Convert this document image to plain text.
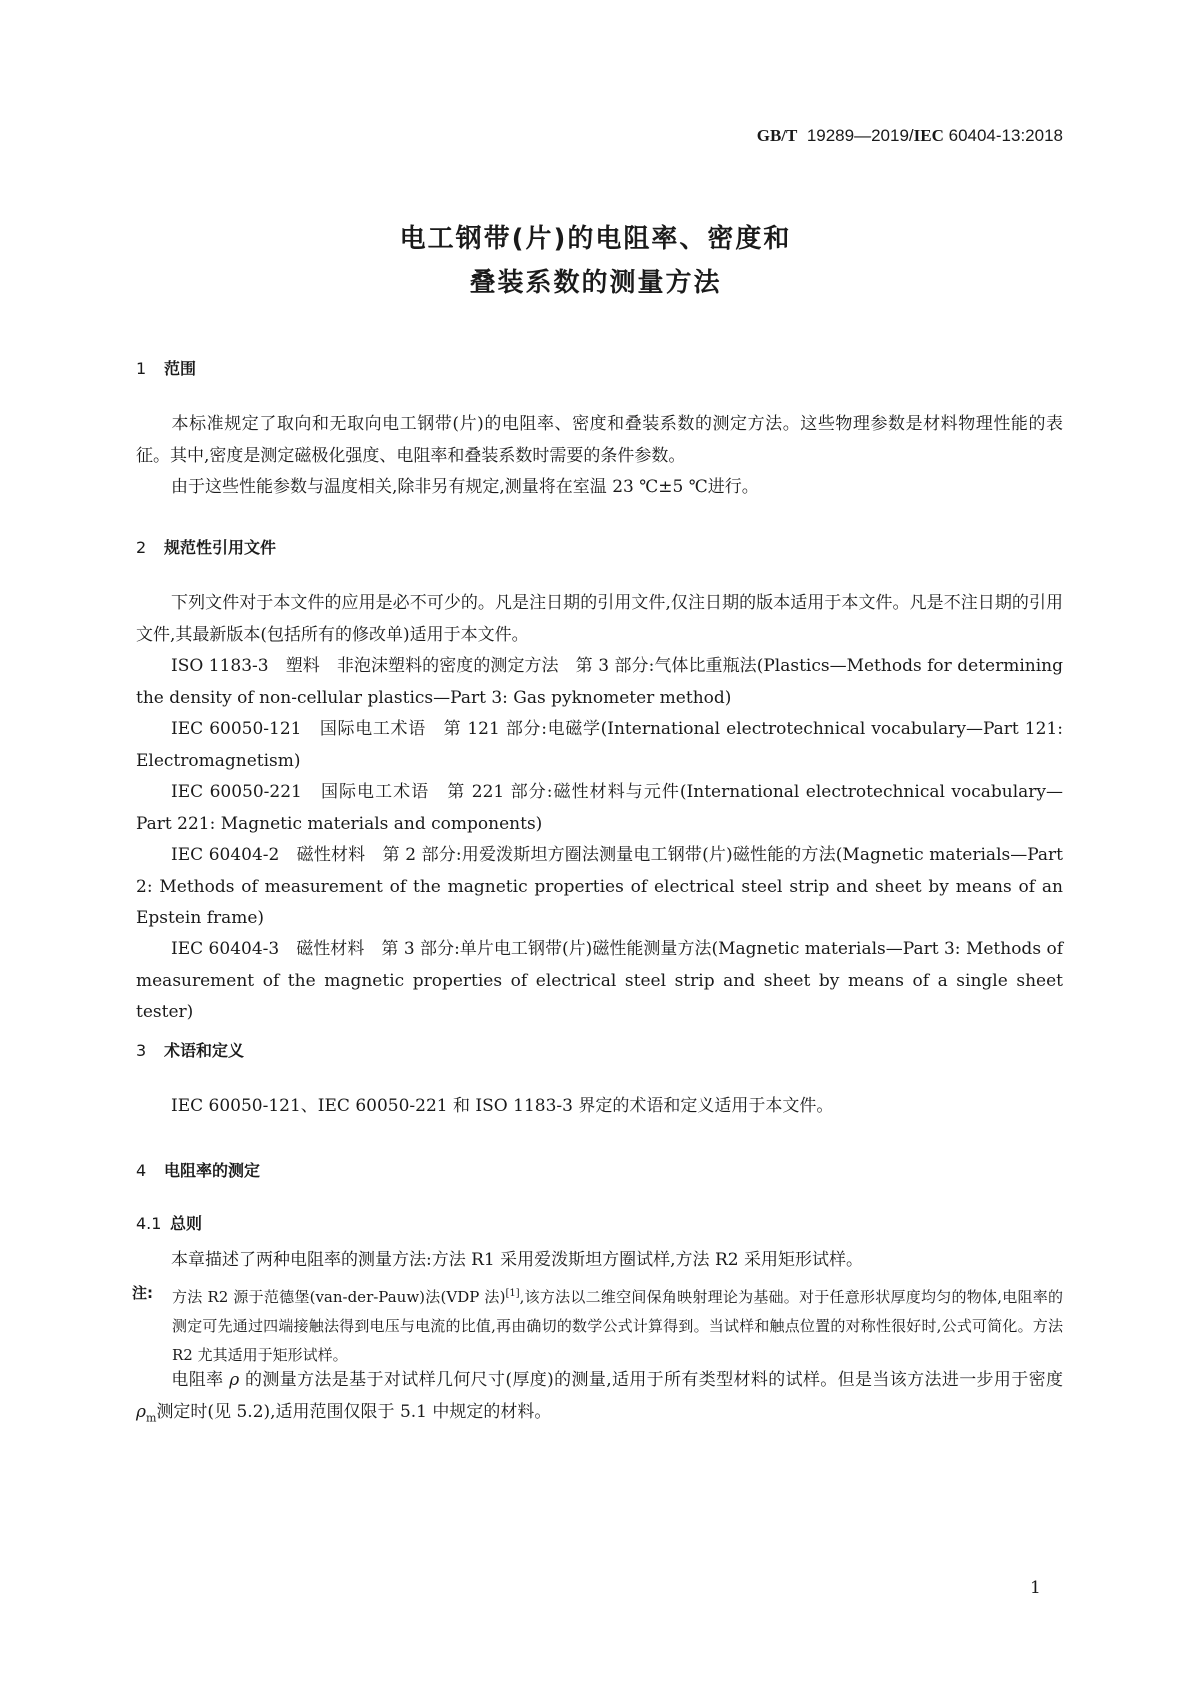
GB/T 19289—2019/IEC 60404-13:2018
电工钢带(片)的电阻率、密度和
叠装系数的测量方法
1 范围
本标准规定了取向和无取向电工钢带(片)的电阻率、密度和叠装系数的测定方法。这些物理参数是材料物理性能的表征。其中,密度是测定磁极化强度、电阻率和叠装系数时需要的条件参数。
由于这些性能参数与温度相关,除非另有规定,测量将在室温 23 ℃±5 ℃进行。
2 规范性引用文件
下列文件对于本文件的应用是必不可少的。凡是注日期的引用文件,仅注日期的版本适用于本文件。凡是不注日期的引用文件,其最新版本(包括所有的修改单)适用于本文件。
ISO 1183-3　塑料　非泡沫塑料的密度的测定方法　第 3 部分:气体比重瓶法(Plastics—Methods for determining the density of non-cellular plastics—Part 3: Gas pyknometer method)
IEC 60050-121　国际电工术语　第 121 部分:电磁学(International electrotechnical vocabulary—Part 121: Electromagnetism)
IEC 60050-221　国际电工术语　第 221 部分:磁性材料与元件(International electrotechnical vocabulary—Part 221: Magnetic materials and components)
IEC 60404-2　磁性材料　第 2 部分:用爱泼斯坦方圈法测量电工钢带(片)磁性能的方法(Magnetic materials—Part 2: Methods of measurement of the magnetic properties of electrical steel strip and sheet by means of an Epstein frame)
IEC 60404-3　磁性材料　第 3 部分:单片电工钢带(片)磁性能测量方法(Magnetic materials—Part 3: Methods of measurement of the magnetic properties of electrical steel strip and sheet by means of a single sheet tester)
3 术语和定义
IEC 60050-121、IEC 60050-221 和 ISO 1183-3 界定的术语和定义适用于本文件。
4 电阻率的测定
4.1 总则
本章描述了两种电阻率的测量方法:方法 R1 采用爱泼斯坦方圈试样,方法 R2 采用矩形试样。
注: 方法 R2 源于范德堡(van-der-Pauw)法(VDP 法)[1],该方法以二维空间保角映射理论为基础。对于任意形状厚度均匀的物体,电阻率的测定可先通过四端接触法得到电压与电流的比值,再由确切的数学公式计算得到。当试样和触点位置的对称性很好时,公式可简化。方法 R2 尤其适用于矩形试样。
电阻率 ρ 的测量方法是基于对试样几何尺寸(厚度)的测量,适用于所有类型材料的试样。但是当该方法进一步用于密度 $\rho_m$测定时(见 5.2),适用范围仅限于 5.1 中规定的材料。
1
